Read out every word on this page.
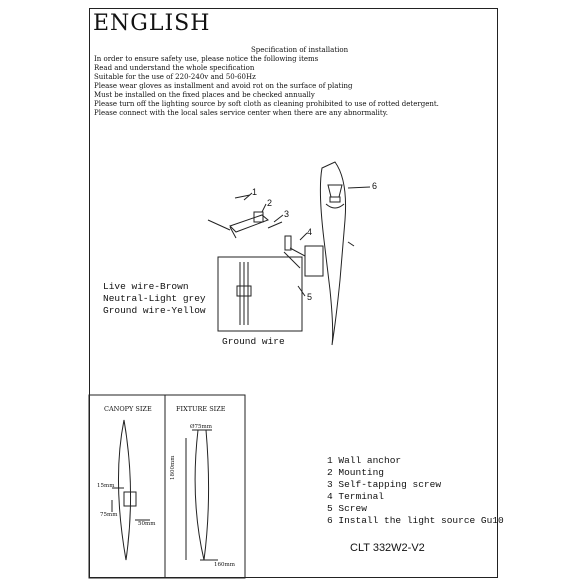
ENGLISH
Specification of installation
In order to ensure safety use, please notice the following items
Read and understand the whole specification
Suitable for the use of 220-240v and 50-60Hz
Please wear gloves as installment and avoid rot on the surface of plating
Must be installed on the fixed places and be checked annually
Please turn off the lighting source by soft cloth as cleaning prohibited to use of rotted detergent.
Please connect with the local sales service center when there are any abnormality.
1
2
3
4
5
6
Live wire-Brown
Neutral-Light grey
Ground wire-Yellow
Ground wire
CANOPY SIZE	FIXTURE SIZE
15mm
75mm
50mm
Ø75mm
1800mm
160mm
1 Wall anchor
2 Mounting
3 Self-tapping screw
4 Terminal
5 Screw
6 Install the light source Gu10
CLT 332W2-V2
